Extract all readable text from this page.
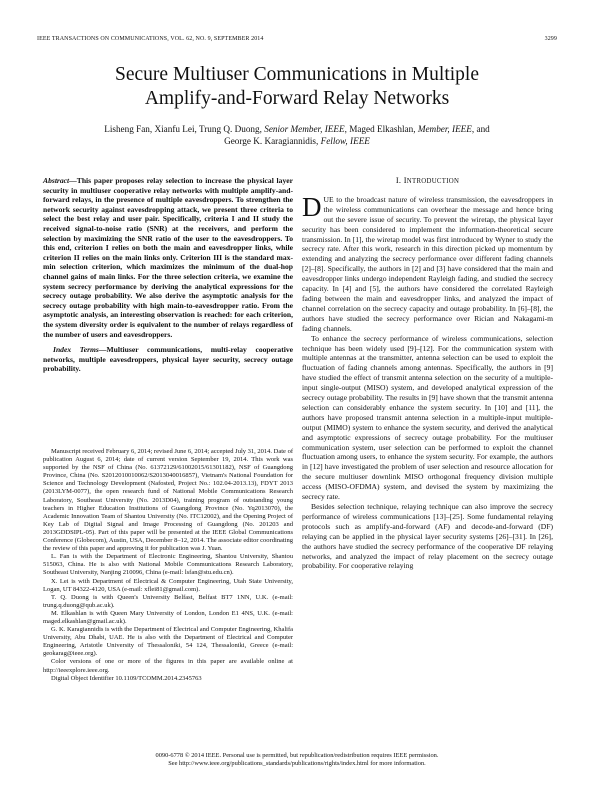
IEEE TRANSACTIONS ON COMMUNICATIONS, VOL. 62, NO. 9, SEPTEMBER 2014	3299
Secure Multiuser Communications in Multiple
Amplify-and-Forward Relay Networks
Lisheng Fan, Xianfu Lei, Trung Q. Duong, Senior Member, IEEE, Maged Elkashlan, Member, IEEE, and
George K. Karagiannidis, Fellow, IEEE
Abstract—This paper proposes relay selection to increase the physical layer security in multiuser cooperative relay networks with multiple amplify-and-forward relays, in the presence of multiple eavesdroppers. To strengthen the network security against eavesdropping attack, we present three criteria to select the best relay and user pair. Specifically, criteria I and II study the received signal-to-noise ratio (SNR) at the receivers, and perform the selection by maximizing the SNR ratio of the user to the eavesdroppers. To this end, criterion I relies on both the main and eavesdropper links, while criterion II relies on the main links only. Criterion III is the standard max-min selection criterion, which maximizes the minimum of the dual-hop channel gains of main links. For the three selection criteria, we examine the system secrecy performance by deriving the analytical expressions for the secrecy outage probability. We also derive the asymptotic analysis for the secrecy outage probability with high main-to-eavesdropper ratio. From the asymptotic analysis, an interesting observation is reached: for each criterion, the system diversity order is equivalent to the number of relays regardless of the number of users and eavesdroppers.
Index Terms—Multiuser communications, multi-relay cooperative networks, multiple eavesdroppers, physical layer security, secrecy outage probability.

Manuscript received February 6, 2014; revised June 6, 2014; accepted July 31, 2014. Date of publication August 6, 2014; date of current version September 19, 2014. This work was supported by the NSF of China (No. 61372129/61002015/61301182), NSF of Guangdong Province, China (No. S2012010010062/S2013040016857), Vietnam's National Foundation for Science and Technology Development (Nafosted, Project No.: 102.04-2013.13), FDYT 2013 (2013LYM-0077), the open research fund of National Mobile Communications Research Laboratory, Southeast University (No. 2013D04), training program of outstanding young teachers in Higher Education Institutions of Guangdong Province (No. Yq2013070), the Academic Innovation Team of Shantou University (No. ITC12002), and the Opening Project of Key Lab of Digital Signal and Image Processing of Guangdong (No. 201203 and 2013GDDSIPL-05). Part of this paper will be presented at the IEEE Global Communications Conference (Globecom), Austin, USA, December 8–12, 2014. The associate editor coordinating the review of this paper and approving it for publication was J. Yuan.

L. Fan is with the Department of Electronic Engineering, Shantou University, Shantou 515063, China. He is also with National Mobile Communications Research Laboratory, Southeast University, Nanjing 210096, China (e-mail: lsfan@stu.edu.cn).

X. Lei is with Department of Electrical & Computer Engineering, Utah State University, Logan, UT 84322-4120, USA (e-mail: xflei81@gmail.com).

T. Q. Duong is with Queen's University Belfast, Belfast BT7 1NN, U.K. (e-mail: trung.q.duong@qub.ac.uk).

M. Elkashlan is with Queen Mary University of London, London E1 4NS, U.K. (e-mail: maged.elkashlan@gmail.ac.uk).

G. K. Karagiannidis is with the Department of Electrical and Computer Engineering, Khalifa University, Abu Dhabi, UAE. He is also with the Department of Electrical and Computer Engineering, Aristotle University of Thessaloniki, 54 124, Thessaloniki, Greece (e-mail: geokarag@ieee.org).

Color versions of one or more of the figures in this paper are available online at http://ieeexplore.ieee.org.

Digital Object Identifier 10.1109/TCOMM.2014.2345763

I. INTRODUCTION

DUE to the broadcast nature of wireless transmission, the eavesdroppers in the wireless communications can overhear the message and hence bring out the severe issue of security. To prevent the wiretap, the physical layer security has been considered to implement the information-theoretical secure transmission. In [1], the wiretap model was first introduced by Wyner to study the secrecy rate. After this work, research in this direction picked up momentum by extending and analyzing the secrecy performance over different fading channels [2]–[8]. Specifically, the authors in [2] and [3] have considered that the main and eavesdropper links undergo independent Rayleigh fading, and studied the secrecy capacity. In [4] and [5], the authors have considered the correlated Rayleigh fading between the main and eavesdropper links, and analyzed the impact of channel correlation on the secrecy capacity and outage probability. In [6]–[8], the authors have studied the secrecy performance over Rician and Nakagami-m fading channels.

To enhance the secrecy performance of wireless communications, selection technique has been widely used [9]–[12]. For the communication system with multiple antennas at the transmitter, antenna selection can be used to exploit the fluctuation of fading channels among antennas. Specifically, the authors in [9] have studied the effect of transmit antenna selection on the security of a multiple-input single-output (MISO) system, and developed analytical expression of the secrecy outage probability. The results in [9] have shown that the transmit antenna selection can considerably enhance the system security. In [10] and [11], the authors have proposed transmit antenna selection in a multiple-input multiple-output (MIMO) system to enhance the system security, and derived the analytical and asymptotic expressions of secrecy outage probability. For the multiuser communication system, user selection can be performed to exploit the channel fluctuation among users, to enhance the system security. For example, the authors in [12] have investigated the problem of user selection and resource allocation for the secure multiuser downlink MISO orthogonal frequency division multiple access (MISO-OFDMA) system, and devised the system by maximizing the secrecy rate.

Besides selection technique, relaying technique can also improve the secrecy performance of wireless communications [13]–[25]. Some fundamental relaying protocols such as amplify-and-forward (AF) and decode-and-forward (DF) relaying can be applied in the physical layer security systems [26]–[31]. In [26], the authors have studied the secrecy performance of the cooperative DF relaying networks, and analyzed the impact of relay placement on the secrecy outage probability. For cooperative relaying

0090-6778 © 2014 IEEE. Personal use is permitted, but republication/redistribution requires IEEE permission.
See http://www.ieee.org/publications_standards/publications/rights/index.html for more information.
